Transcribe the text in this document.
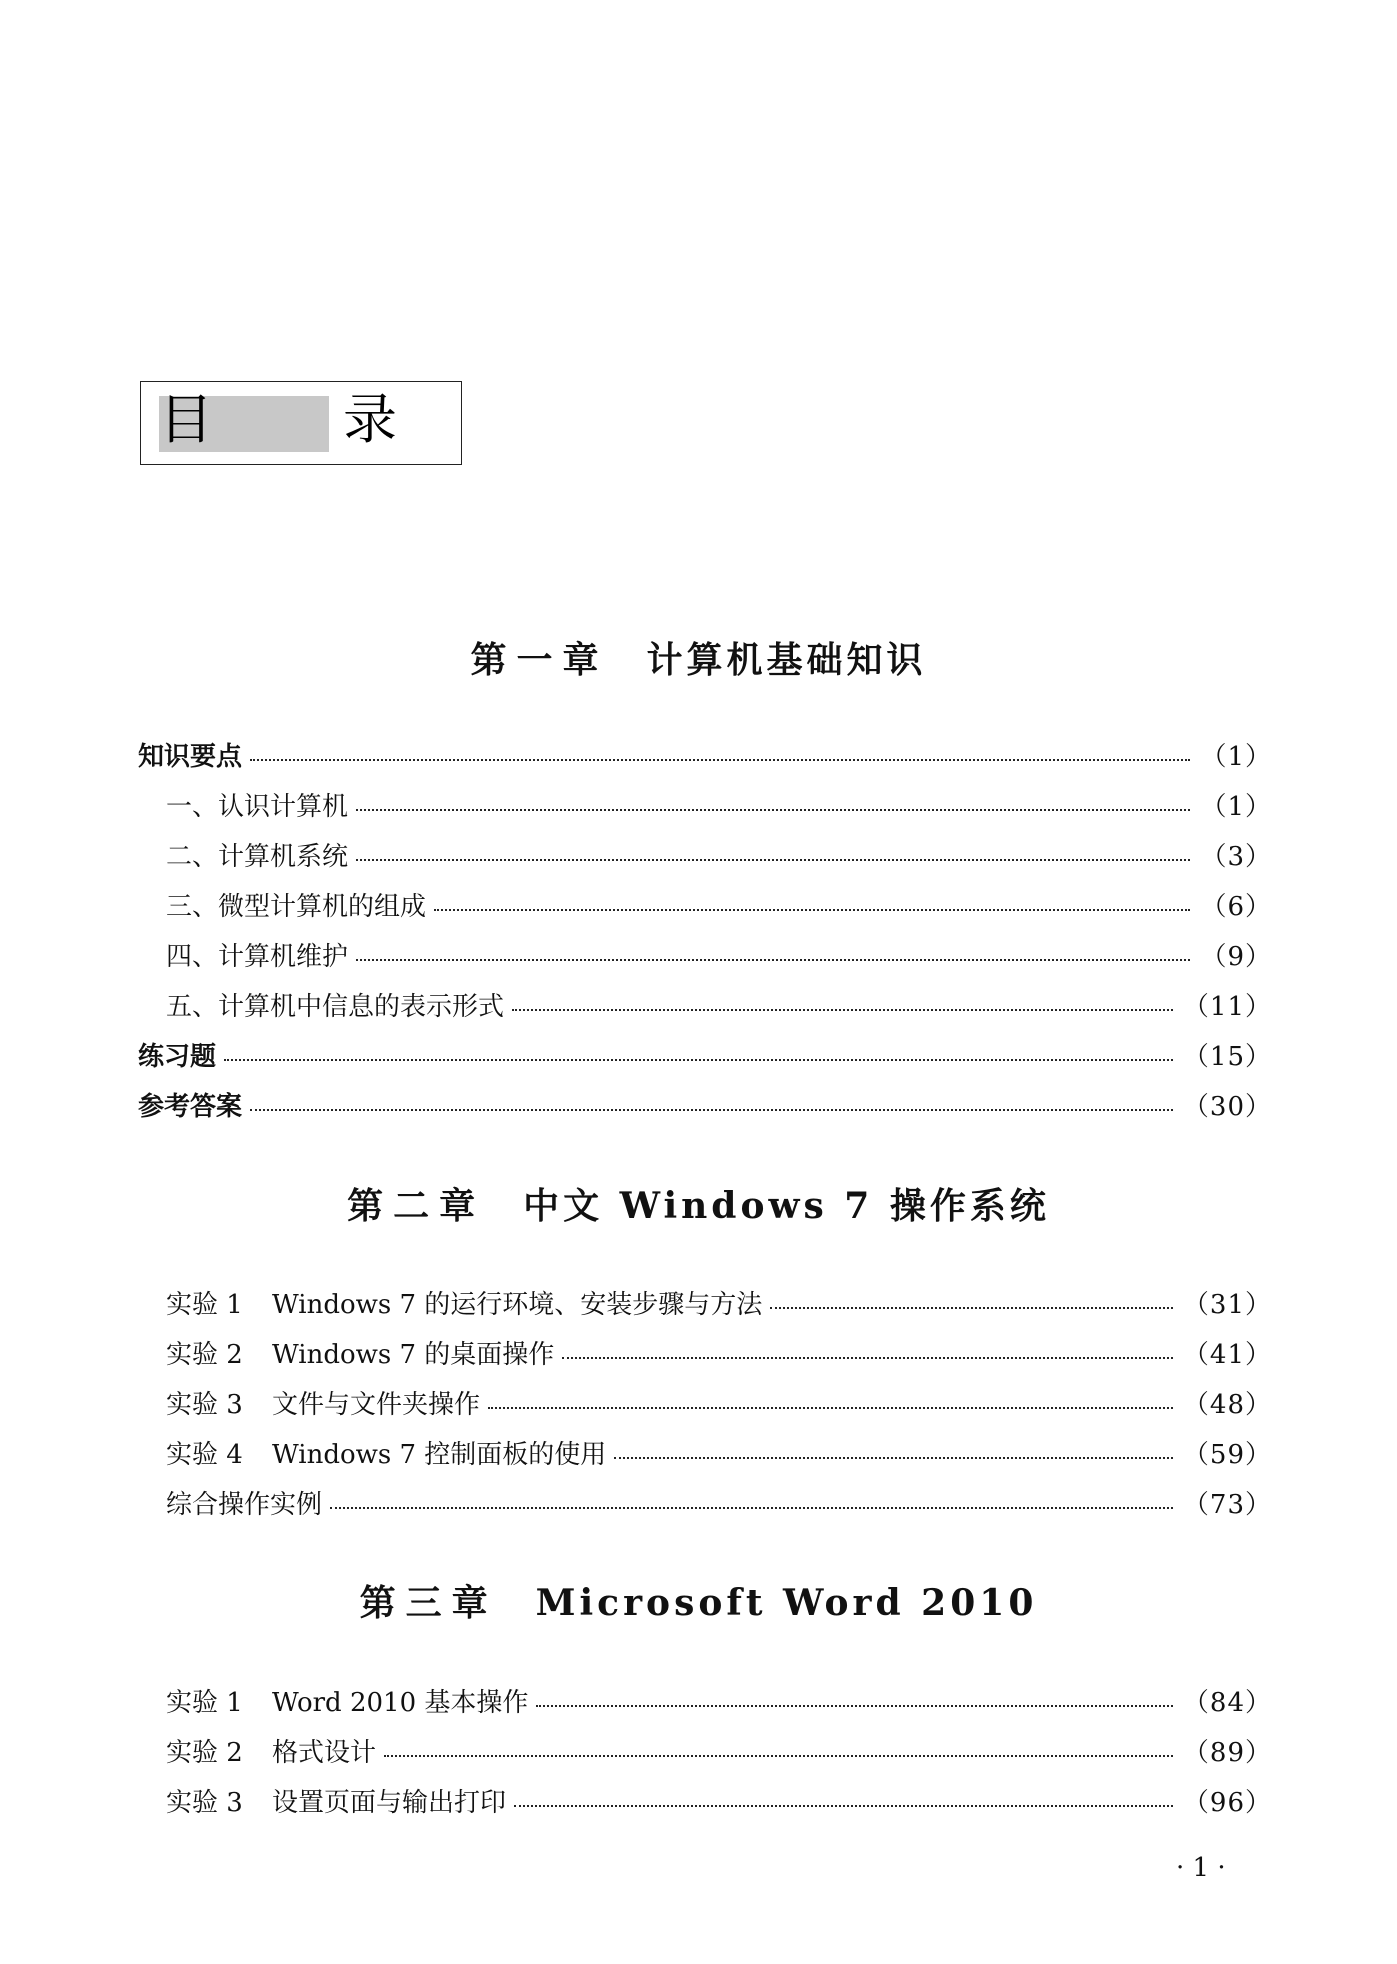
目　录
第一章 计算机基础知识
知识要点	（1）
一、认识计算机	（1）
二、计算机系统	（3）
三、微型计算机的组成	（6）
四、计算机维护	（9）
五、计算机中信息的表示形式	（11）
练习题	（15）
参考答案	（30）
第二章 中文 Windows 7 操作系统
实验 1	Windows 7 的运行环境、安装步骤与方法	（31）
实验 2	Windows 7 的桌面操作	（41）
实验 3	文件与文件夹操作	（48）
实验 4	Windows 7 控制面板的使用	（59）
综合操作实例	（73）
第三章 Microsoft Word 2010
实验 1	Word 2010 基本操作	（84）
实验 2	格式设计	（89）
实验 3	设置页面与输出打印	（96）
· 1 ·
